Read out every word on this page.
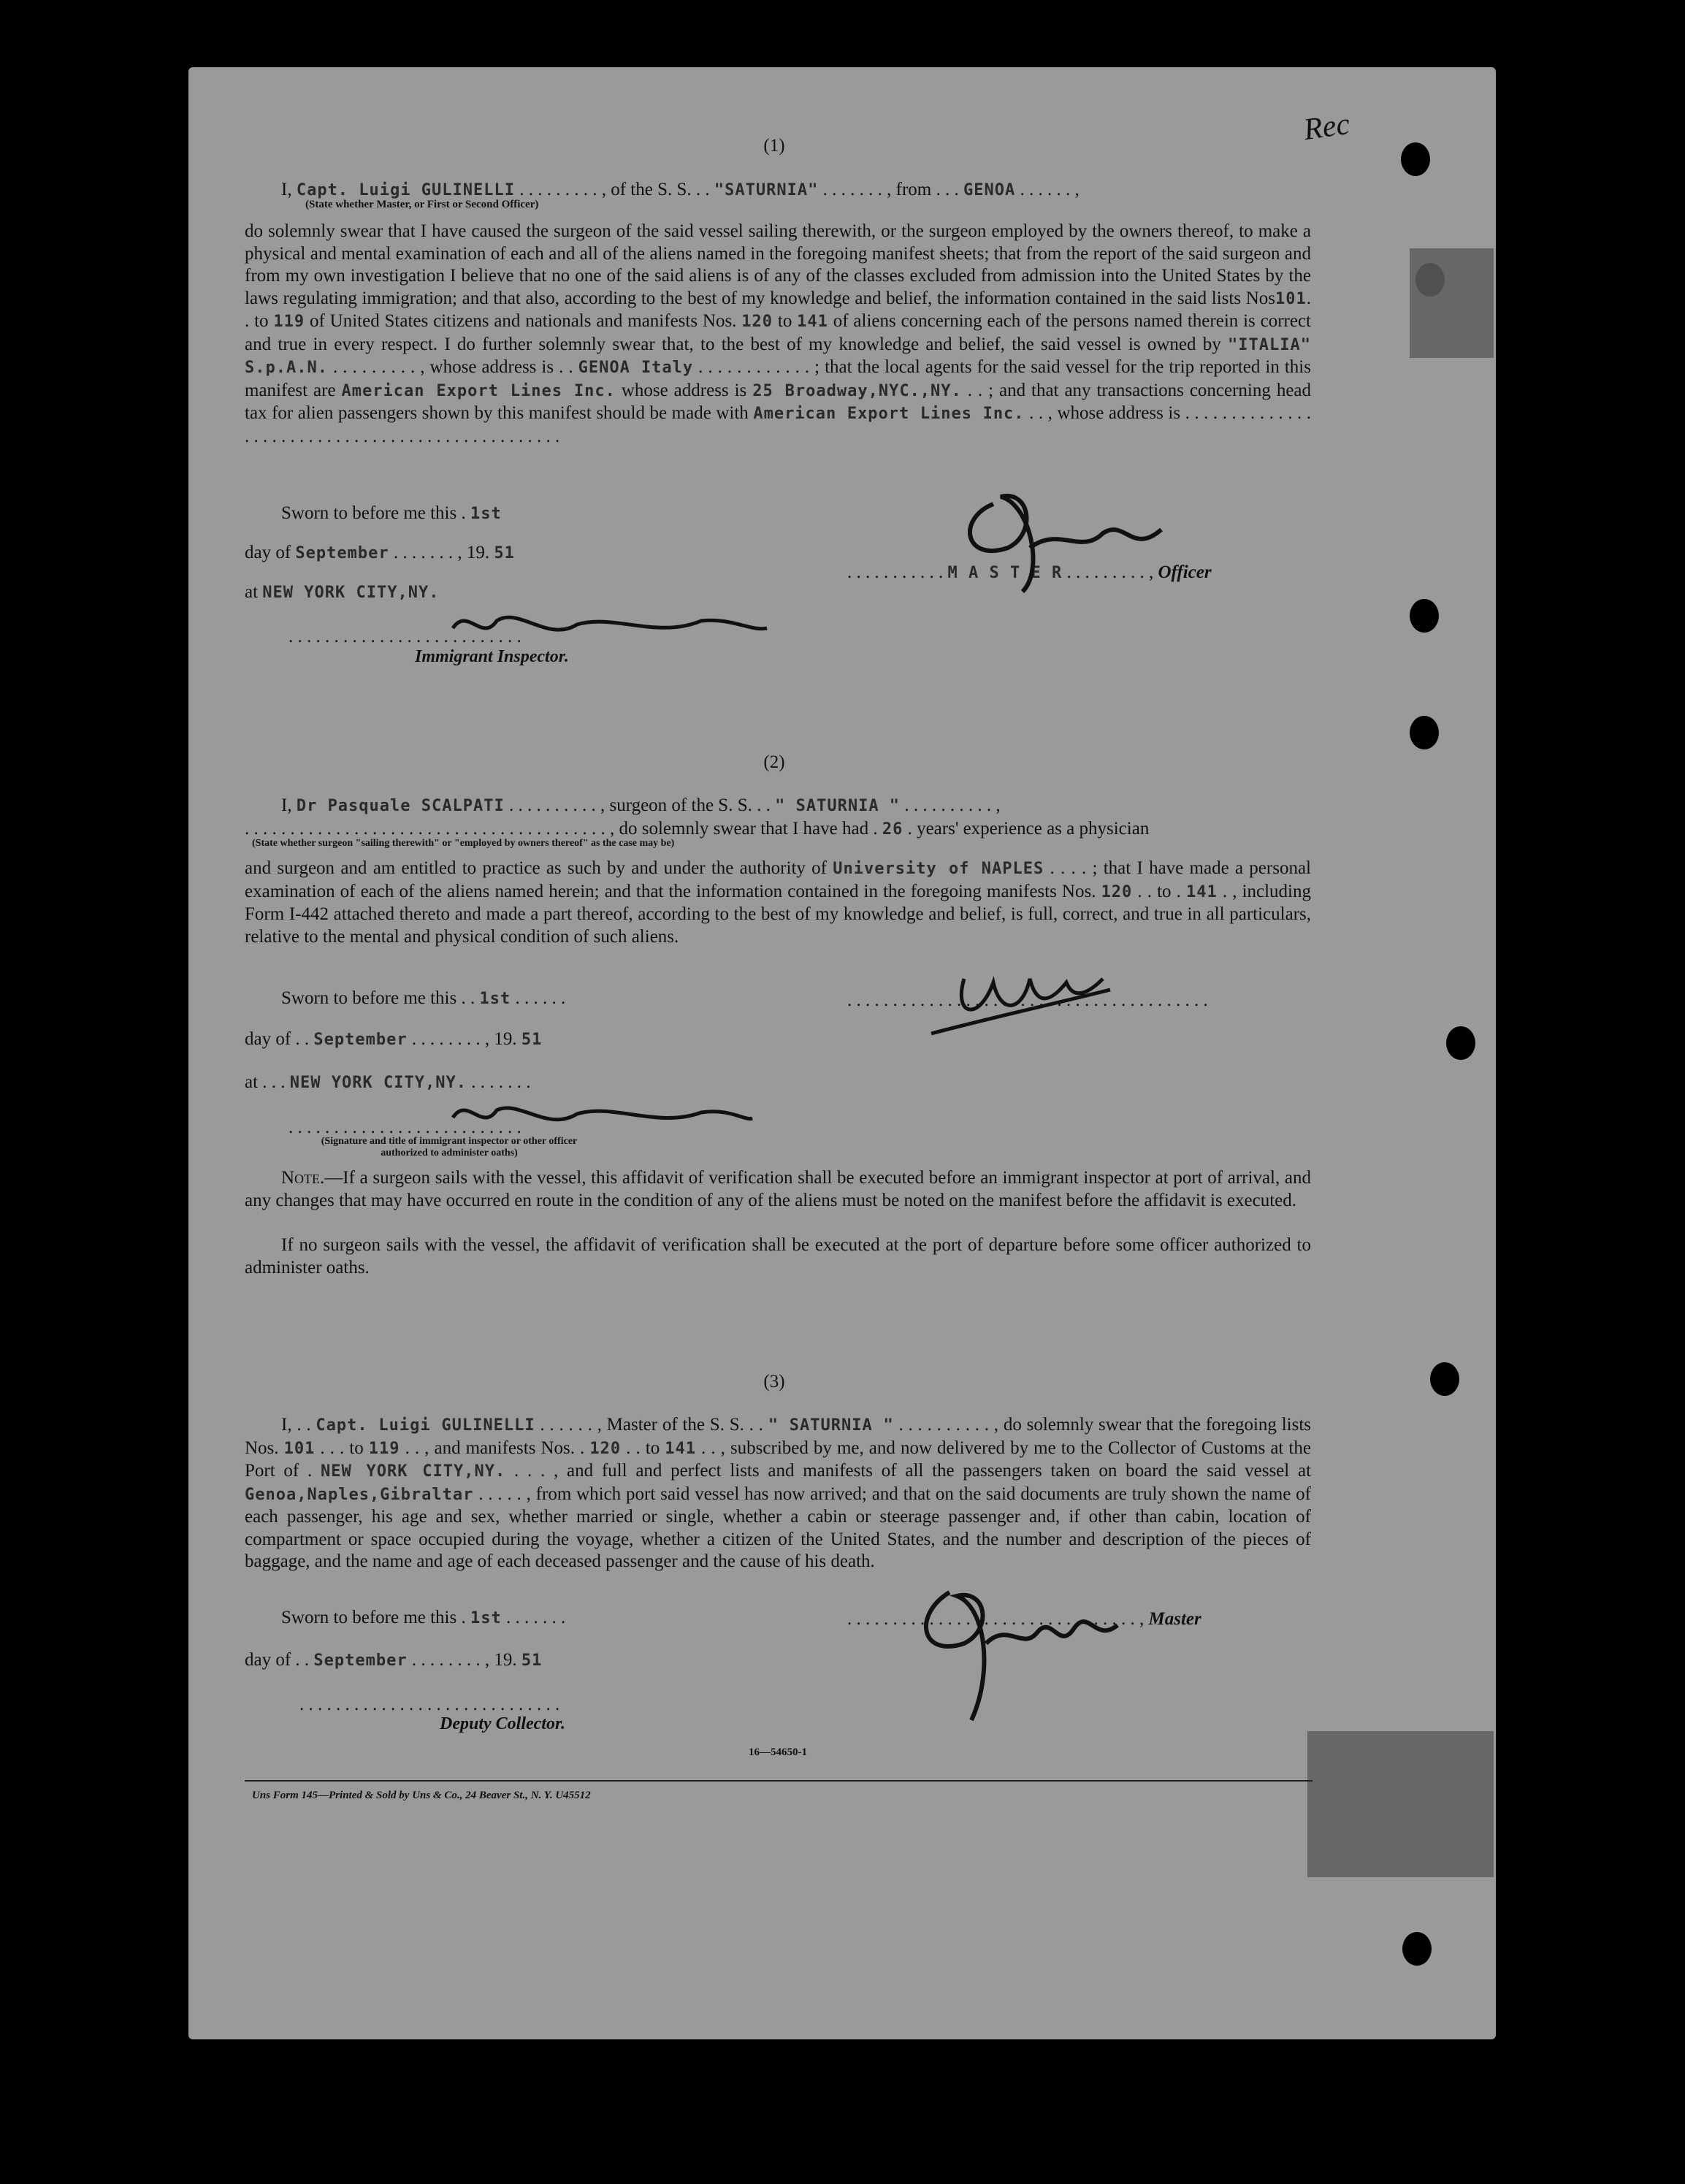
Rec
(1)
I, Capt. Luigi GULINELLI . . . . . . . . . , of the S. S. . . "SATURNIA" . . . . . . . , from . . . GENOA . . . . . . ,
(State whether Master, or First or Second Officer)
do solemnly swear that I have caused the surgeon of the said vessel sailing therewith, or the surgeon employed by the owners thereof, to make a physical and mental examination of each and all of the aliens named in the foregoing manifest sheets; that from the report of the said surgeon and from my own investigation I believe that no one of the said aliens is of any of the classes excluded from admission into the United States by the laws regulating immigration; and that also, according to the best of my knowledge and belief, the information contained in the said lists Nos101. . to 119 of United States citizens and nationals and manifests Nos. 120 to 141 of aliens concerning each of the persons named therein is correct and true in every respect. I do further solemnly swear that, to the best of my knowledge and belief, the said vessel is owned by "ITALIA" S.p.A.N. . . . . . . . . . , whose address is . . GENOA Italy . . . . . . . . . . . . ; that the local agents for the said vessel for the trip reported in this manifest are American Export Lines Inc. whose address is 25 Broadway,NYC.,NY. . . ; and that any transactions concerning head tax for alien passengers shown by this manifest should be made with American Export Lines Inc. . . , whose address is . . . . . . . . . . . . . . . . . . . . . . . . . . . . . . . . . . . . . . . . . . . . . . . . .
Sworn to before me this . 1st
day of September . . . . . . . , 19. 51
. . . . . . . . . . . M A S T E R . . . . . . . . . , Officer
at NEW YORK CITY,NY.
. . . . . . . . . . . . . . . . . . . . . . . . . .
Immigrant Inspector.
(2)
I, Dr Pasquale SCALPATI . . . . . . . . . . , surgeon of the S. S. . . " SATURNIA " . . . . . . . . . . ,
. . . . . . . . . . . . . . . . . . . . . . . . . . . . . . . . . . . . . . . . , do solemnly swear that I have had . 26 . years' experience as a physician
(State whether surgeon "sailing therewith" or "employed by owners thereof" as the case may be)
and surgeon and am entitled to practice as such by and under the authority of University of NAPLES . . . . ; that I have made a personal examination of each of the aliens named herein; and that the information contained in the foregoing manifests Nos. 120 . . to . 141 . , including Form I-442 attached thereto and made a part thereof, according to the best of my knowledge and belief, is full, correct, and true in all particulars, relative to the mental and physical condition of such aliens.
Sworn to before me this . . 1st . . . . . .	. . . . . . . . . . . . . . . . . . . . . . . . . . . . . . . . . . . . . . . .
day of . . September . . . . . . . . , 19. 51
at . . . NEW YORK CITY,NY. . . . . . . .
. . . . . . . . . . . . . . . . . . . . . . . . . .
(Signature and title of immigrant inspector or other officer authorized to administer oaths)
Note.—If a surgeon sails with the vessel, this affidavit of verification shall be executed before an immigrant inspector at port of arrival, and any changes that may have occurred en route in the condition of any of the aliens must be noted on the manifest before the affidavit is executed.
If no surgeon sails with the vessel, the affidavit of verification shall be executed at the port of departure before some officer authorized to administer oaths.
(3)
I, . . Capt. Luigi GULINELLI . . . . . . , Master of the S. S. . . " SATURNIA " . . . . . . . . . . , do solemnly swear that the foregoing lists Nos. 101 . . . to 119 . . , and manifests Nos. . 120 . . to 141 . . , subscribed by me, and now delivered by me to the Collector of Customs at the Port of . NEW YORK CITY,NY. . . . , and full and perfect lists and manifests of all the passengers taken on board the said vessel at Genoa,Naples,Gibraltar . . . . . , from which port said vessel has now arrived; and that on the said documents are truly shown the name of each passenger, his age and sex, whether married or single, whether a cabin or steerage passenger and, if other than cabin, location of compartment or space occupied during the voyage, whether a citizen of the United States, and the number and description of the pieces of baggage, and the name and age of each deceased passenger and the cause of his death.
Sworn to before me this . 1st . . . . . . .	. . . . . . . . . . . . . . . . . . . . . . . . . . . . . . . . , Master
day of . . September . . . . . . . . , 19. 51
. . . . . . . . . . . . . . . . . . . . . . . . . . . . .
Deputy Collector.
16—54650-1
Uns Form 145—Printed & Sold by Uns & Co., 24 Beaver St., N. Y. U45512
